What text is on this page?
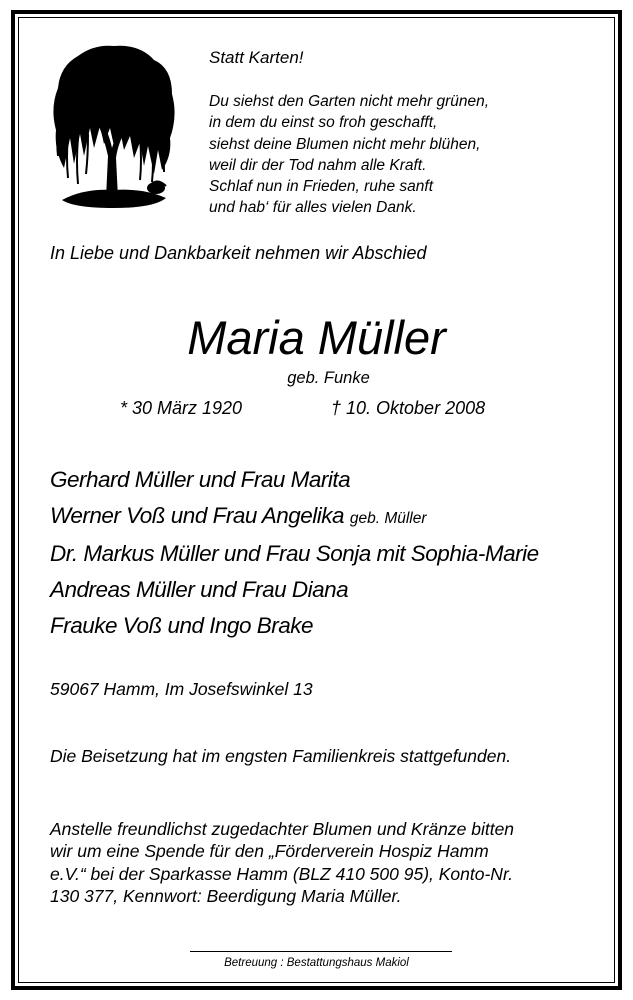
Statt Karten!
Du siehst den Garten nicht mehr grünen,
in dem du einst so froh geschafft,
siehst deine Blumen nicht mehr blühen,
weil dir der Tod nahm alle Kraft.
Schlaf nun in Frieden, ruhe sanft
und hab‘ für alles vielen Dank.
In Liebe und Dankbarkeit nehmen wir Abschied
Maria Müller
geb. Funke
* 30 März 1920	† 10. Oktober 2008
Gerhard Müller und Frau Marita
Werner Voß und Frau Angelika geb. Müller
Dr. Markus Müller und Frau Sonja mit Sophia-Marie
Andreas Müller und Frau Diana
Frauke Voß und Ingo Brake
59067 Hamm, Im Josefswinkel 13
Die Beisetzung hat im engsten Familienkreis stattgefunden.
Anstelle freundlichst zugedachter Blumen und Kränze bitten
wir um eine Spende für den „Förderverein Hospiz Hamm
e.V.“ bei der Sparkasse Hamm (BLZ 410 500 95), Konto-Nr.
130 377, Kennwort: Beerdigung Maria Müller.
Betreuung : Bestattungshaus Makiol
